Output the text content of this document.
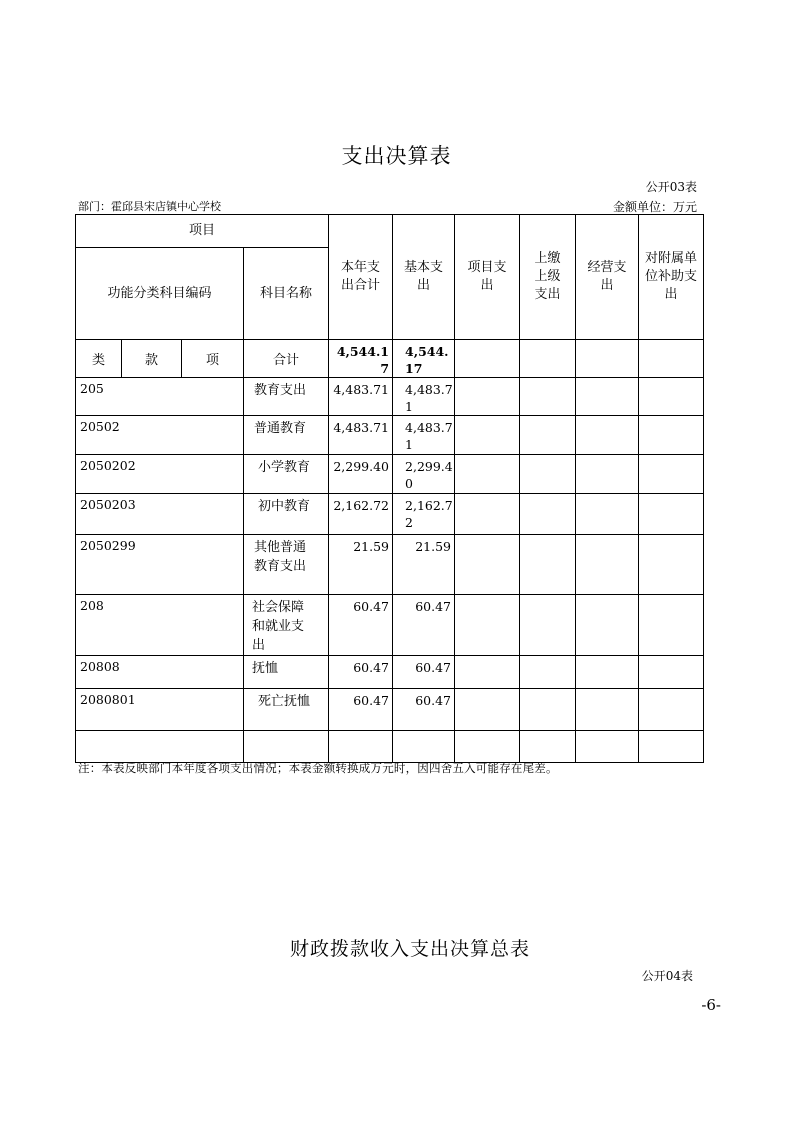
支出决算表
公开03表
部门：霍邱县宋店镇中心学校	金额单位：万元
项目				本年支出合计	基本支出	项目支出	上缴上级支出	经营支出	对附属单位补助支出
功能分类科目编码			科目名称						
类	款	项	合计	4,544.17	4,544.17				
205			教育支出	4,483.71	4,483.71				
20502			普通教育	4,483.71	4,483.71				
2050202			小学教育	2,299.40	2,299.40				
2050203			初中教育	2,162.72	2,162.72				
2050299			其他普通教育支出	21.59	21.59				
208			社会保障和就业支出	60.47	60.47				
20808			抚恤	60.47	60.47				
2080801			死亡抚恤	60.47	60.47				

注：本表反映部门本年度各项支出情况；本表金额转换成万元时，因四舍五入可能存在尾差。
财政拨款收入支出决算总表
公开04表
-6-
